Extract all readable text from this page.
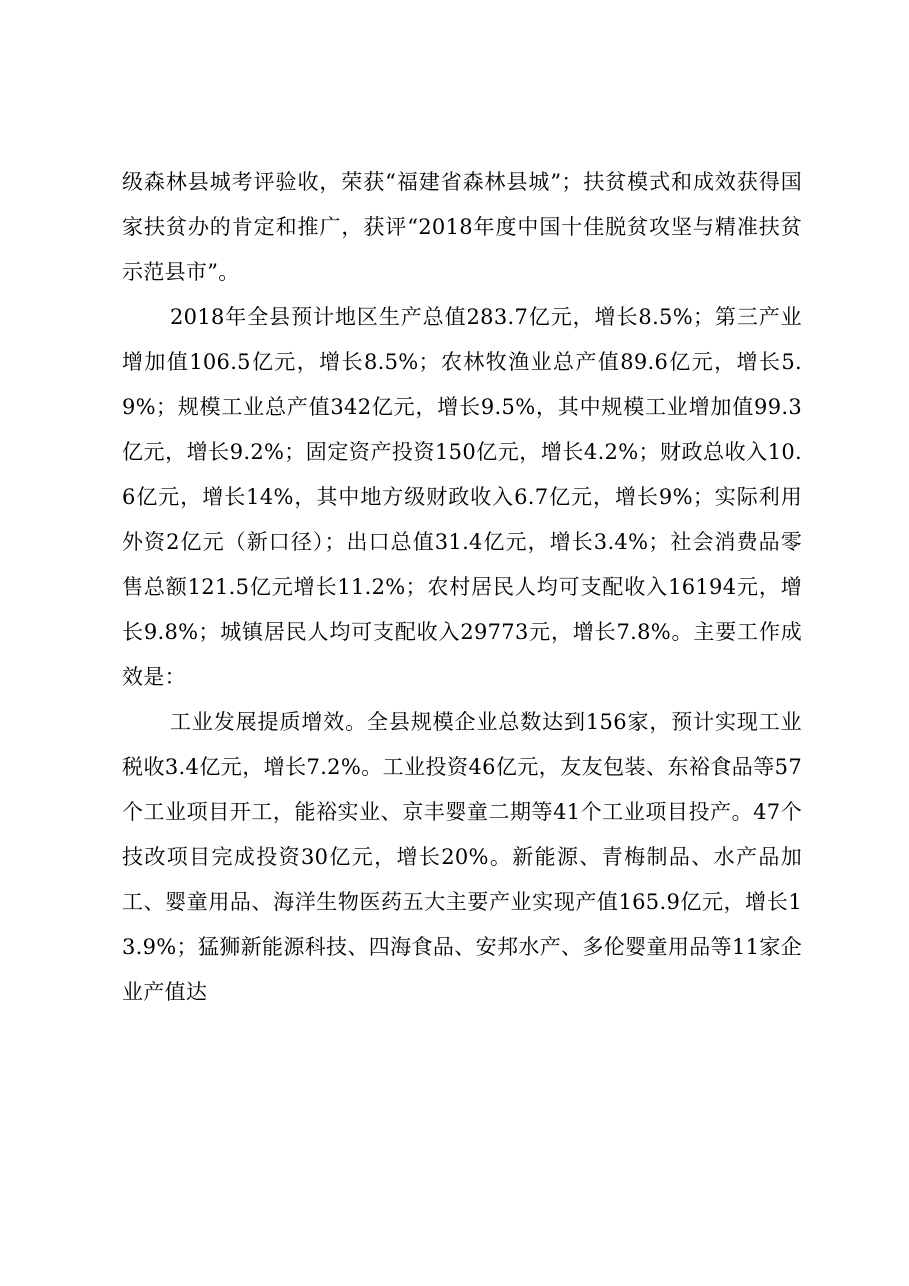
级森林县城考评验收，荣获“福建省森林县城”；扶贫模式和成效获得国家扶贫办的肯定和推广，获评“2018年度中国十佳脱贫攻坚与精准扶贫示范县市”。

2018年全县预计地区生产总值283.7亿元，增长8.5%；第三产业增加值106.5亿元，增长8.5%；农林牧渔业总产值89.6亿元，增长5.9%；规模工业总产值342亿元，增长9.5%，其中规模工业增加值99.3亿元，增长9.2%；固定资产投资150亿元，增长4.2%；财政总收入10.6亿元，增长14%，其中地方级财政收入6.7亿元，增长9%；实际利用外资2亿元（新口径）；出口总值31.4亿元，增长3.4%；社会消费品零售总额121.5亿元增长11.2%；农村居民人均可支配收入16194元，增长9.8%；城镇居民人均可支配收入29773元，增长7.8%。主要工作成效是：

工业发展提质增效。全县规模企业总数达到156家，预计实现工业税收3.4亿元，增长7.2%。工业投资46亿元，友友包装、东裕食品等57个工业项目开工，能裕实业、京丰婴童二期等41个工业项目投产。47个技改项目完成投资30亿元，增长20%。新能源、青梅制品、水产品加工、婴童用品、海洋生物医药五大主要产业实现产值165.9亿元，增长13.9%；猛狮新能源科技、四海食品、安邦水产、多伦婴童用品等11家企业产值达
